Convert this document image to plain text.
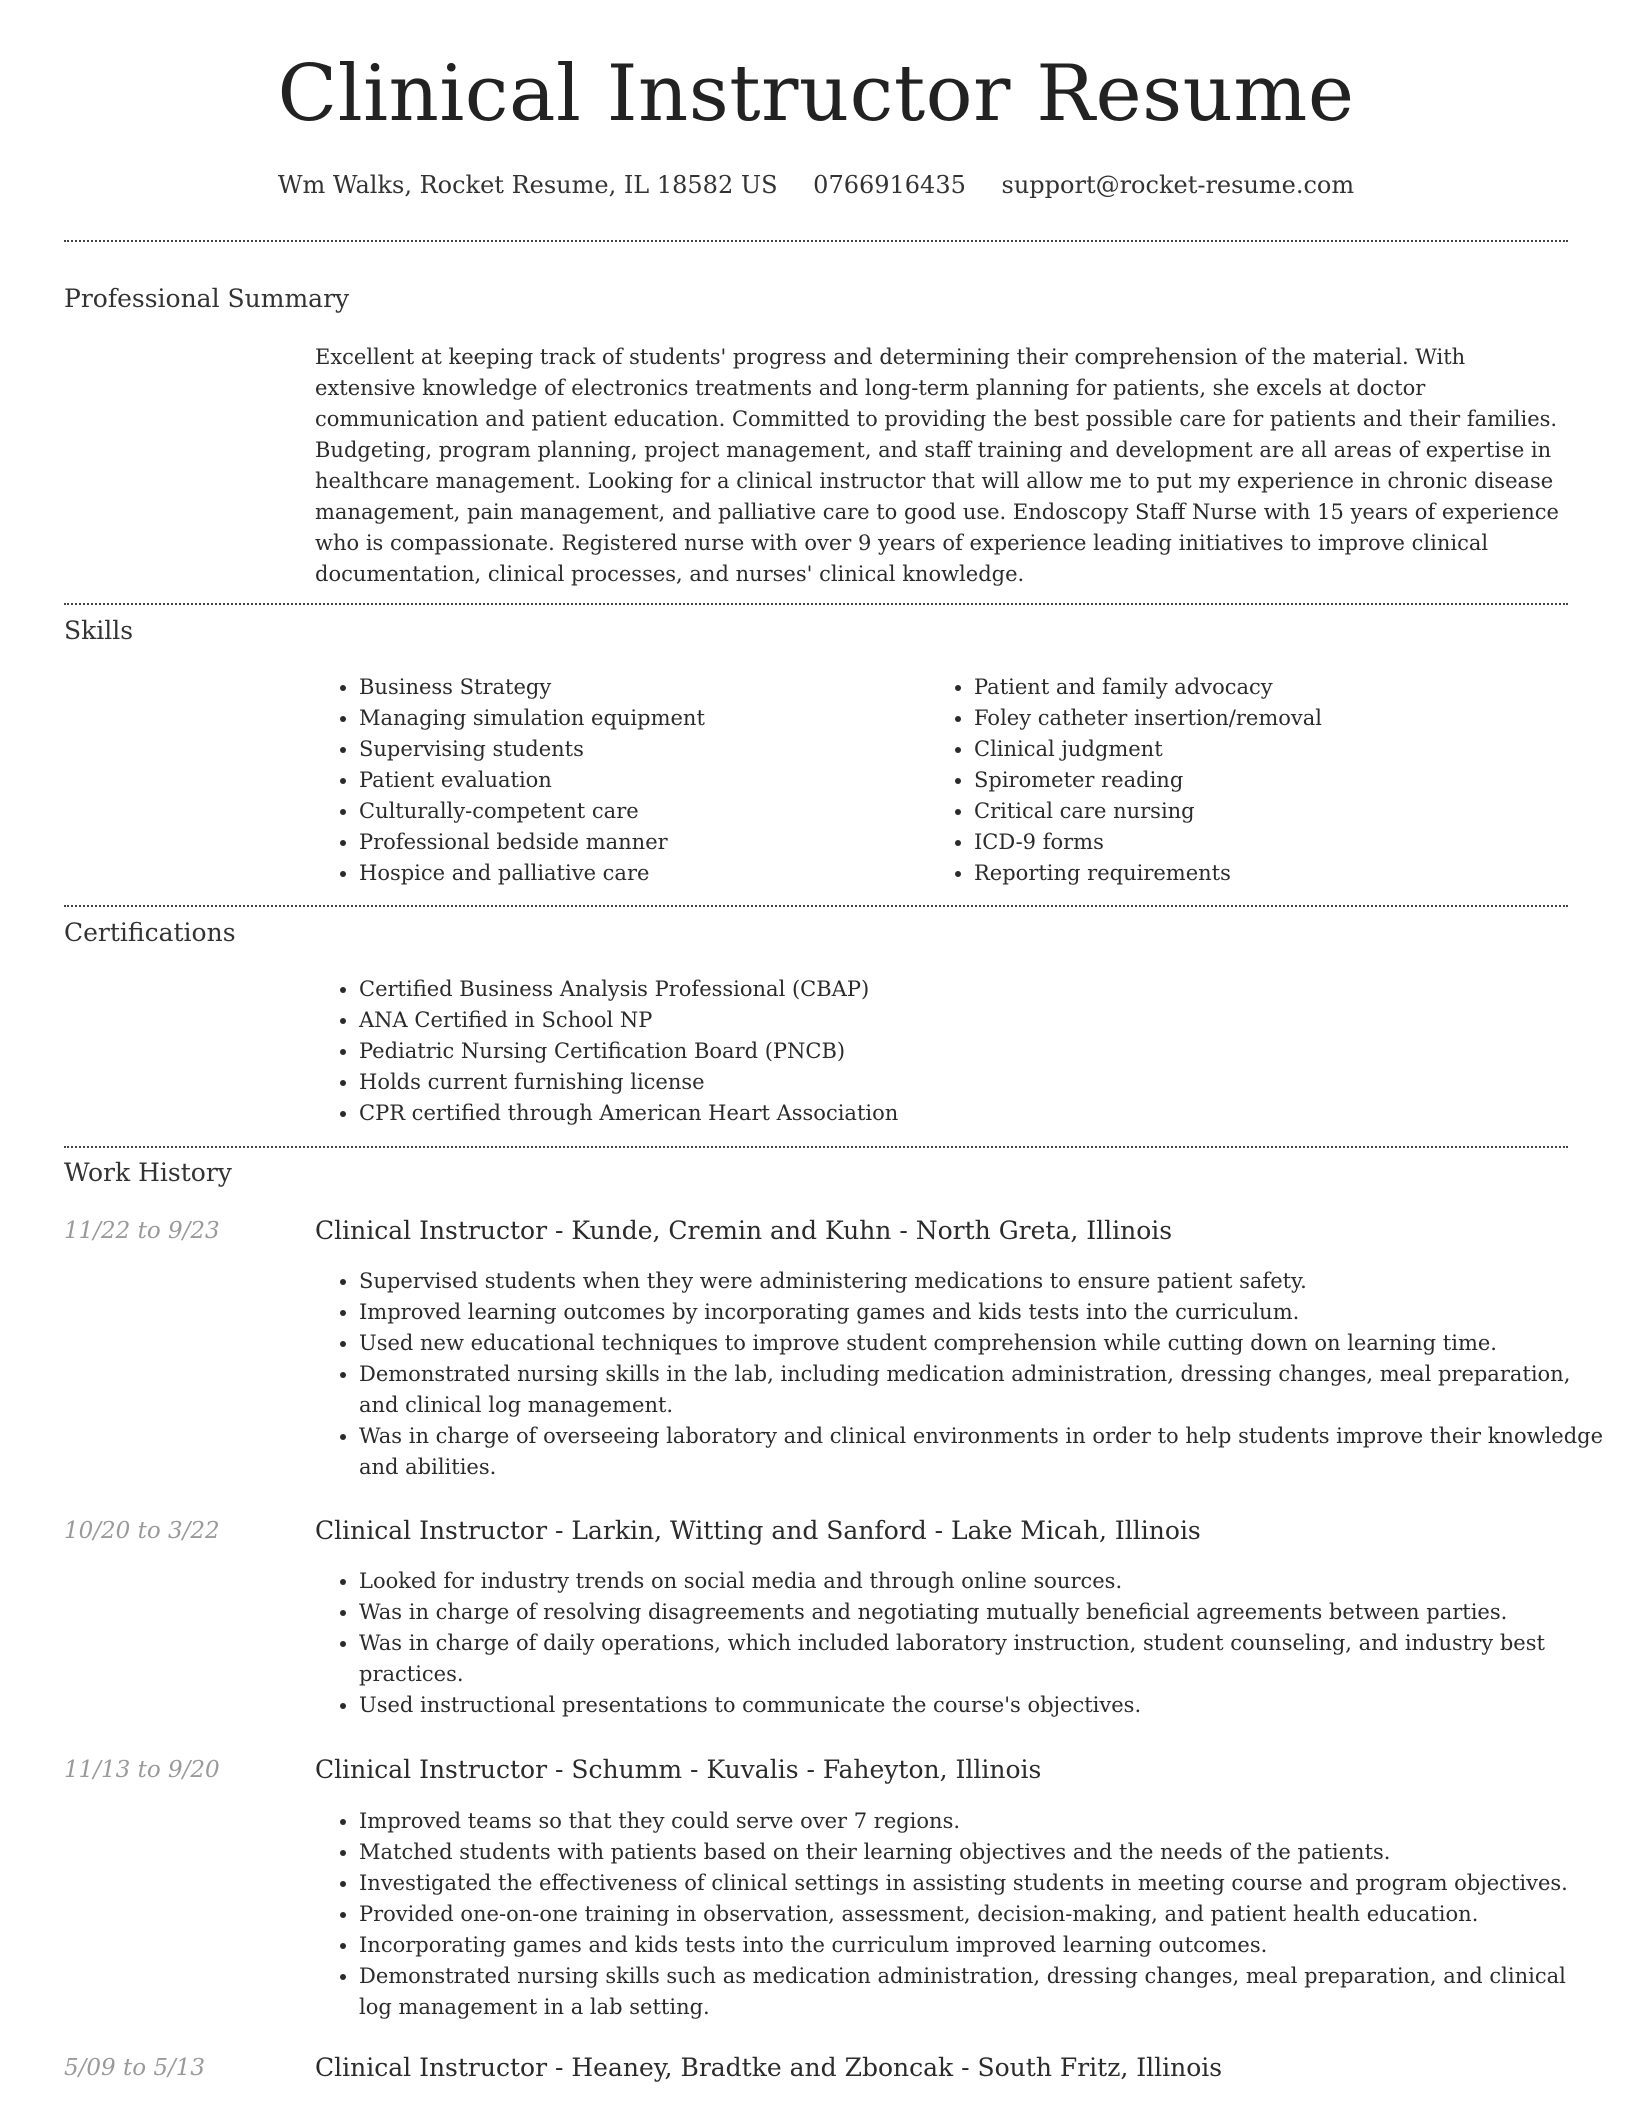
Clinical Instructor Resume
Wm Walks, Rocket Resume, IL 18582 US 0766916435 support@rocket-resume.com
Professional Summary

Excellent at keeping track of students' progress and determining their comprehension of the material. With extensive knowledge of electronics treatments and long-term planning for patients, she excels at doctor communication and patient education. Committed to providing the best possible care for patients and their families. Budgeting, program planning, project management, and staff training and development are all areas of expertise in healthcare management. Looking for a clinical instructor that will allow me to put my experience in chronic disease management, pain management, and palliative care to good use. Endoscopy Staff Nurse with 15 years of experience who is compassionate. Registered nurse with over 9 years of experience leading initiatives to improve clinical documentation, clinical processes, and nurses' clinical knowledge.

Skills
• Business Strategy
• Managing simulation equipment
• Supervising students
• Patient evaluation
• Culturally-competent care
• Professional bedside manner
• Hospice and palliative care
• Patient and family advocacy
• Foley catheter insertion/removal
• Clinical judgment
• Spirometer reading
• Critical care nursing
• ICD-9 forms
• Reporting requirements
Certifications
• Certified Business Analysis Professional (CBAP)
• ANA Certified in School NP
• Pediatric Nursing Certification Board (PNCB)
• Holds current furnishing license
• CPR certified through American Heart Association
Work History
11/22 to 9/23	Clinical Instructor - Kunde, Cremin and Kuhn - North Greta, Illinois
• Supervised students when they were administering medications to ensure patient safety.
• Improved learning outcomes by incorporating games and kids tests into the curriculum.
• Used new educational techniques to improve student comprehension while cutting down on learning time.
• Demonstrated nursing skills in the lab, including medication administration, dressing changes, meal preparation, and clinical log management.
• Was in charge of overseeing laboratory and clinical environments in order to help students improve their knowledge and abilities.
10/20 to 3/22	Clinical Instructor - Larkin, Witting and Sanford - Lake Micah, Illinois
• Looked for industry trends on social media and through online sources.
• Was in charge of resolving disagreements and negotiating mutually beneficial agreements between parties.
• Was in charge of daily operations, which included laboratory instruction, student counseling, and industry best practices.
• Used instructional presentations to communicate the course's objectives.
11/13 to 9/20	Clinical Instructor - Schumm - Kuvalis - Faheyton, Illinois
• Improved teams so that they could serve over 7 regions.
• Matched students with patients based on their learning objectives and the needs of the patients.
• Investigated the effectiveness of clinical settings in assisting students in meeting course and program objectives.
• Provided one-on-one training in observation, assessment, decision-making, and patient health education.
• Incorporating games and kids tests into the curriculum improved learning outcomes.
• Demonstrated nursing skills such as medication administration, dressing changes, meal preparation, and clinical log management in a lab setting.
5/09 to 5/13	Clinical Instructor - Heaney, Bradtke and Zboncak - South Fritz, Illinois
